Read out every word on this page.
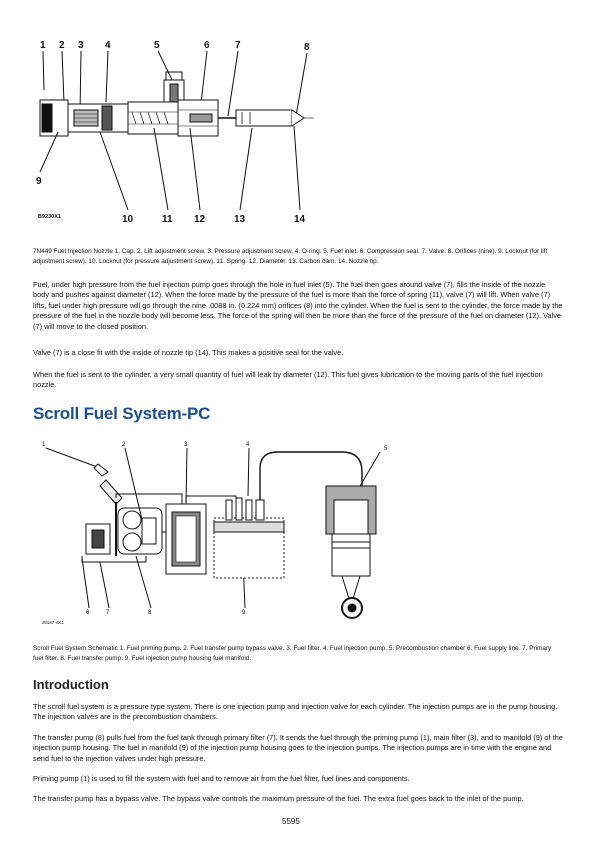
1 2 3 4	5	6	7	8
9
10	11 12	13	14
B9230X1
7N449 Fuel Injection Nozzle 1. Cap. 2. Lift adjustment screw. 3. Pressure adjustment screw. 4. O-ring. 5. Fuel inlet. 6. Compression seal. 7. Valve. 8. Orifices (nine). 9. Locknut (for lift adjustment screw). 10. Locknut (for pressure adjustment screw). 11. Spring. 12. Diameter. 13. Carbon dam. 14. Nozzle tip.
Fuel, under high pressure from the fuel injection pump goes through the hole in fuel inlet (5). The fuel then goes around valve (7), fills the inside of the nozzle body and pushes against diameter (12). When the force made by the pressure of the fuel is more than the force of spring (11), valve (7) will lift. When valve (7) lifts, fuel under high pressure will go through the nine .0088 in. (0.224 mm) orifices (8) into the cylinder. When the fuel is sent to the cylinder, the force made by the pressure of the fuel in the nozzle body will become less. The force of the spring will then be more than the force of the pressure of the fuel on diameter (12). Valve (7) will move to the closed position.
Valve (7) is a close fit with the inside of nozzle tip (14). This makes a positive seal for the valve.
When the fuel is sent to the cylinder, a very small quantity of fuel will leak by diameter (12). This fuel gives lubrication to the moving parts of the fuel injection nozzle.
Scroll Fuel System-PC
1	2	3	4
5
6	7	8	9
J9187-4X1
Scroll Fuel System Schematic 1. Fuel priming pump. 2. Fuel transfer pump bypass valve. 3. Fuel filter. 4. Fuel injection pump. 5. Precombustion chamber 6. Fuel supply line. 7. Primary fuel filter. 8. Fuel transfer pump. 9. Fuel injection pump housing fuel manifold.
Introduction
The scroll fuel system is a pressure type system. There is one injection pump and injection valve for each cylinder. The injection pumps are in the pump housing. The injection valves are in the precombustion chambers.
The transfer pump (8) pulls fuel from the fuel tank through primary filter (7). It sends the fuel through the priming pump (1), main filter (3), and to manifold (9) of the injection pump housing. The fuel in manifold (9) of the injection pump housing goes to the injection pumps. The injection pumps are in time with the engine and send fuel to the injection valves under high pressure.
Priming pump (1) is used to fill the system with fuel and to remove air from the fuel filter, fuel lines and components.
The transfer pump has a bypass valve. The bypass valve controls the maximum pressure of the fuel. The extra fuel goes back to the inlet of the pump.
5595
